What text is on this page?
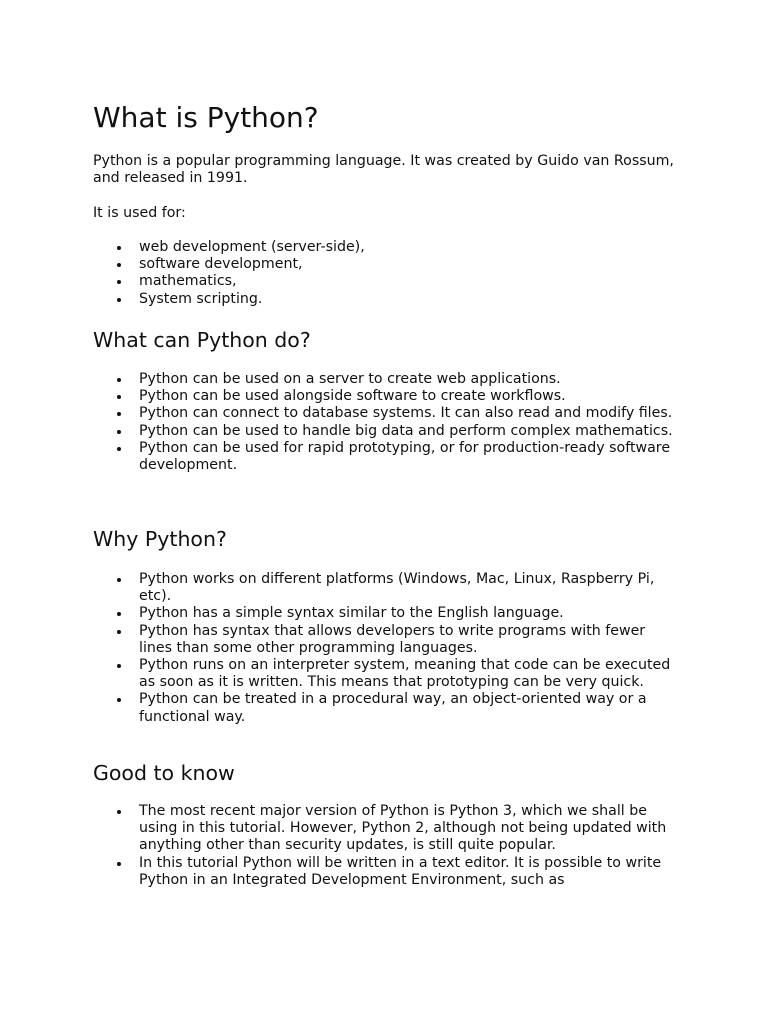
What is Python?

Python is a popular programming language. It was created by Guido van Rossum, and released in 1991.

It is used for:

web development (server-side),
software development,
mathematics,
System scripting.
What can Python do?
Python can be used on a server to create web applications.
Python can be used alongside software to create workflows.
Python can connect to database systems. It can also read and modify files.
Python can be used to handle big data and perform complex mathematics.
Python can be used for rapid prototyping, or for production-ready software development.
Why Python?
Python works on different platforms (Windows, Mac, Linux, Raspberry Pi, etc).
Python has a simple syntax similar to the English language.
Python has syntax that allows developers to write programs with fewer lines than some other programming languages.
Python runs on an interpreter system, meaning that code can be executed as soon as it is written. This means that prototyping can be very quick.
Python can be treated in a procedural way, an object-oriented way or a functional way.
Good to know
The most recent major version of Python is Python 3, which we shall be using in this tutorial. However, Python 2, although not being updated with anything other than security updates, is still quite popular.
In this tutorial Python will be written in a text editor. It is possible to write Python in an Integrated Development Environment, such as
